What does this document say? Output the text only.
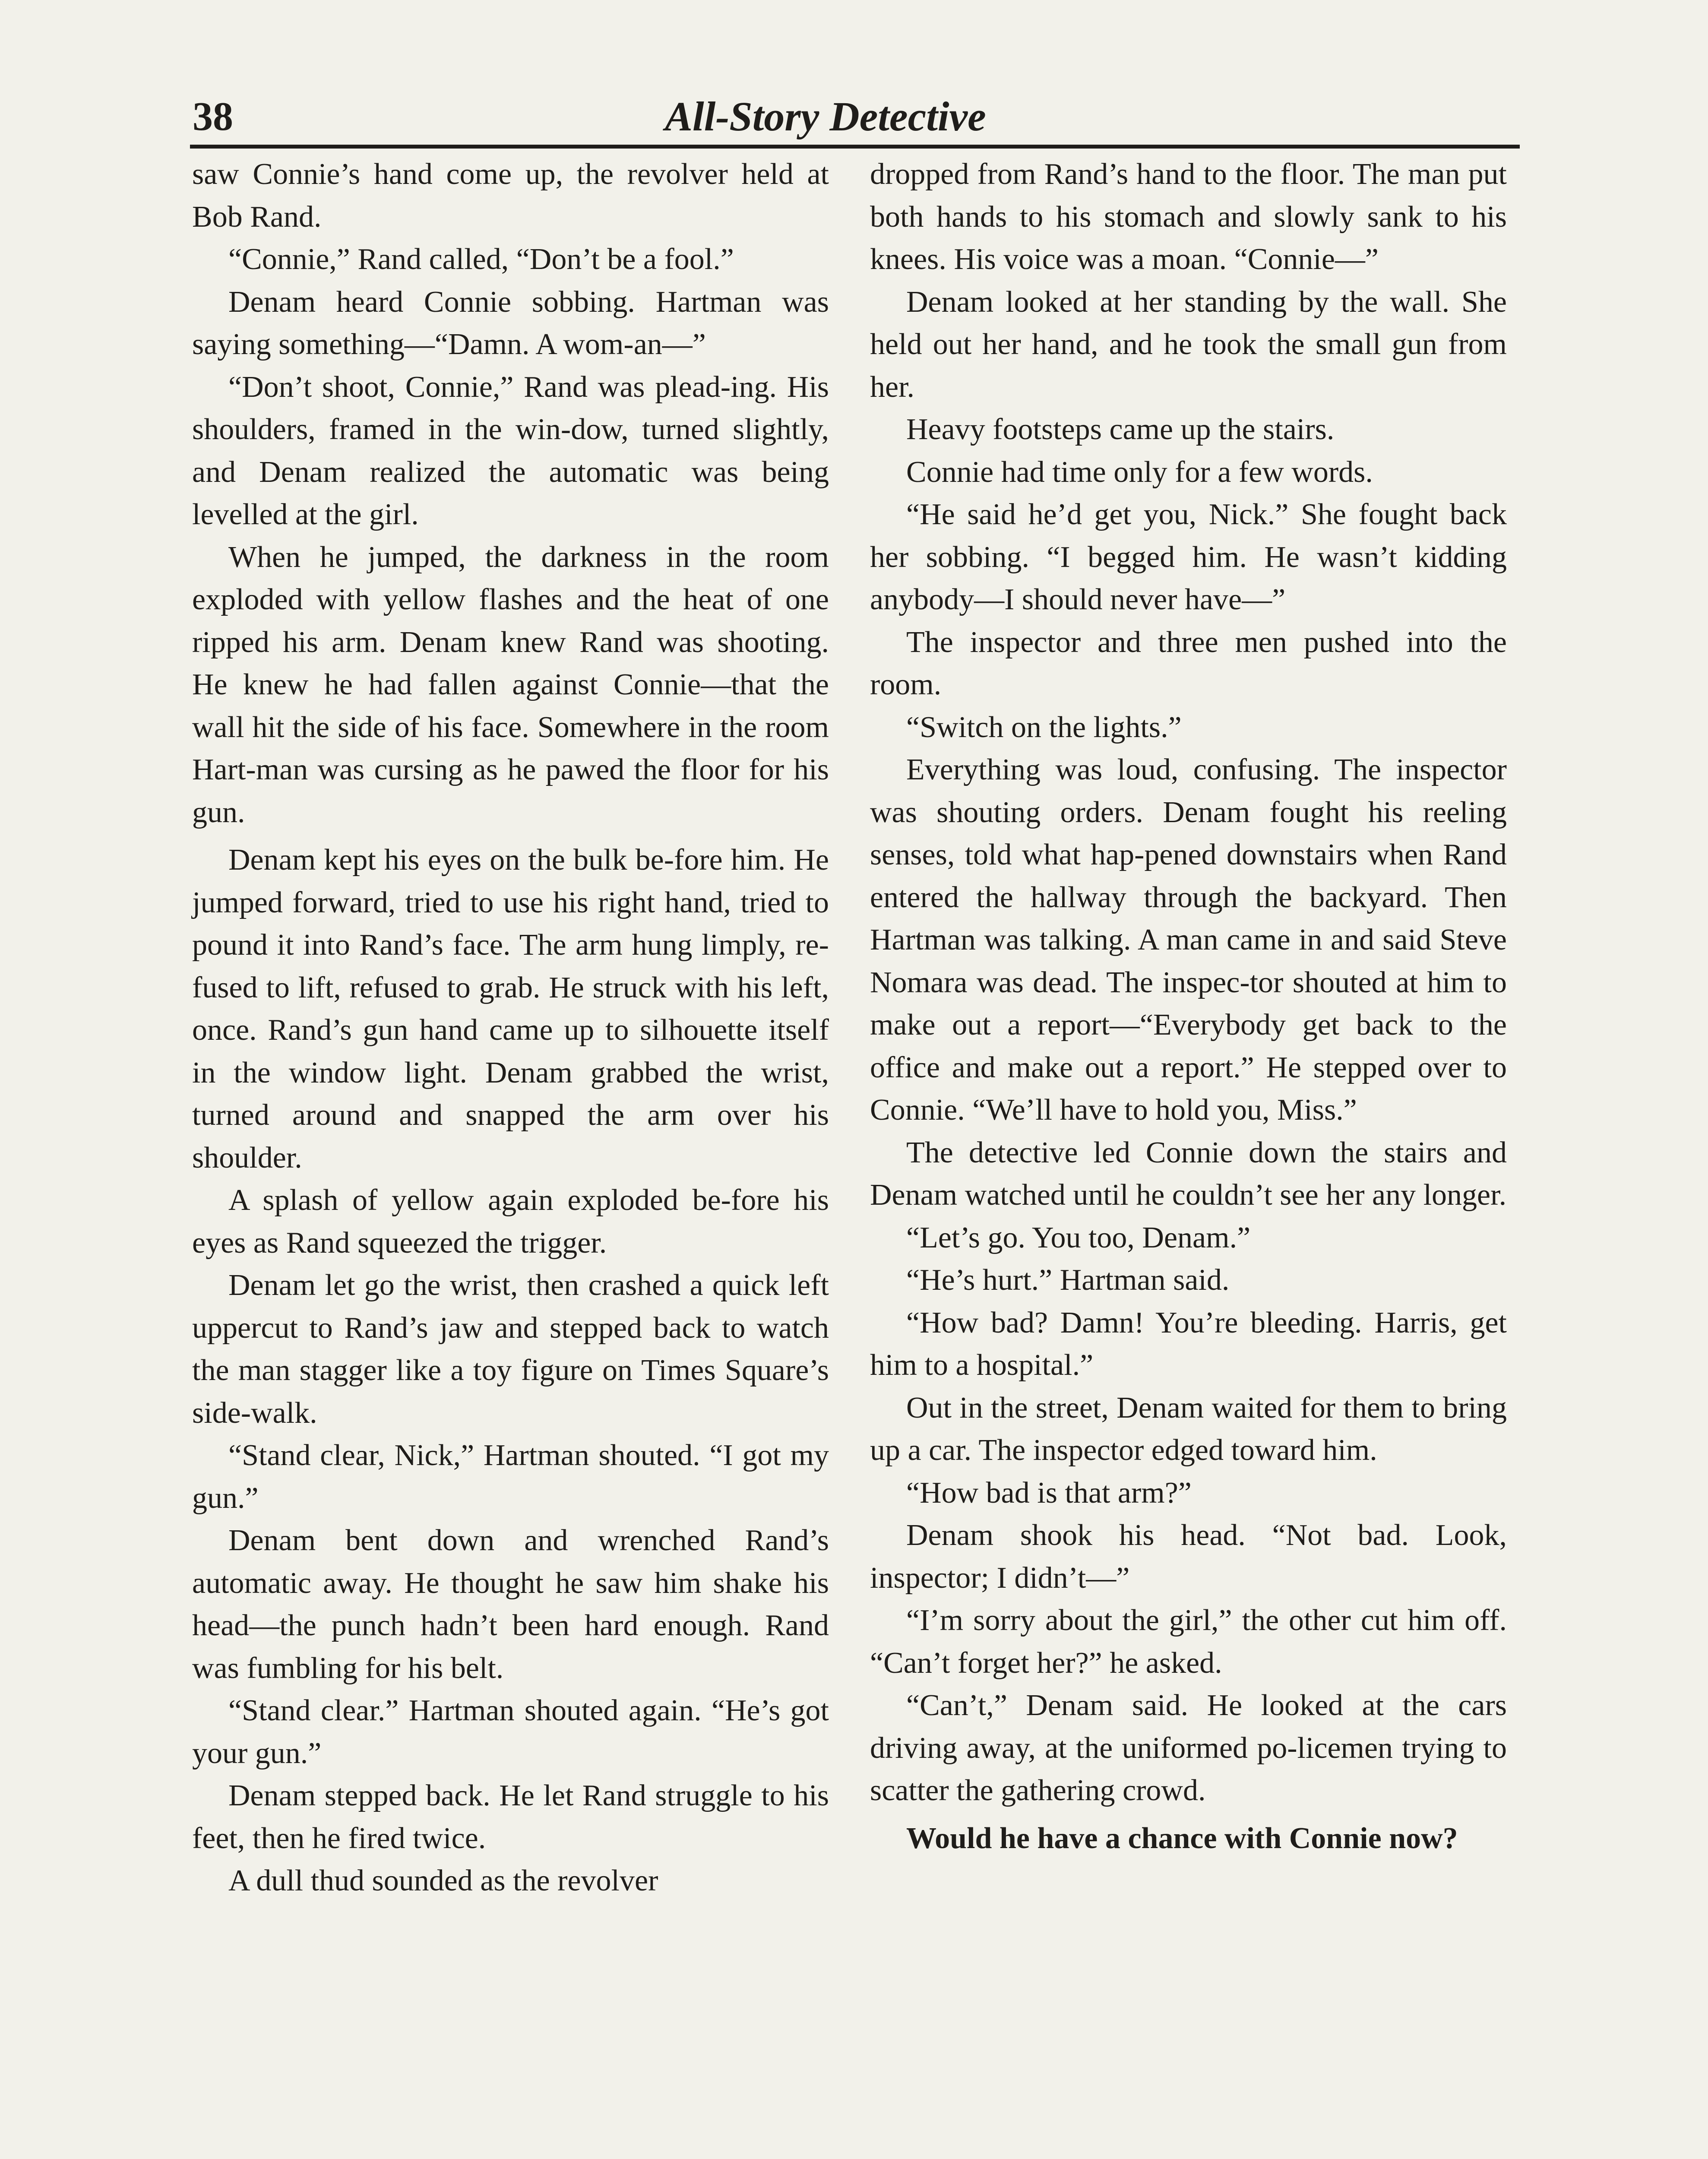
38	All-Story Detective

saw Connie’s hand come up, the revolver held at Bob Rand.

“Connie,” Rand called, “Don’t be a fool.”

Denam heard Connie sobbing. Hartman was saying something—“Damn. A wom-an—”

“Don’t shoot, Connie,” Rand was plead-ing. His shoulders, framed in the win-dow, turned slightly, and Denam realized the automatic was being levelled at the girl.

When he jumped, the darkness in the room exploded with yellow flashes and the heat of one ripped his arm. Denam knew Rand was shooting. He knew he had fallen against Connie—that the wall hit the side of his face. Somewhere in the room Hart-man was cursing as he pawed the floor for his gun.

Denam kept his eyes on the bulk be-fore him. He jumped forward, tried to use his right hand, tried to pound it into Rand’s face. The arm hung limply, re-fused to lift, refused to grab. He struck with his left, once. Rand’s gun hand came up to silhouette itself in the window light. Denam grabbed the wrist, turned around and snapped the arm over his shoulder.

A splash of yellow again exploded be-fore his eyes as Rand squeezed the trigger.

Denam let go the wrist, then crashed a quick left uppercut to Rand’s jaw and stepped back to watch the man stagger like a toy figure on Times Square’s side-walk.

“Stand clear, Nick,” Hartman shouted. “I got my gun.”

Denam bent down and wrenched Rand’s automatic away. He thought he saw him shake his head—the punch hadn’t been hard enough. Rand was fumbling for his belt.

“Stand clear.” Hartman shouted again. “He’s got your gun.”

Denam stepped back. He let Rand struggle to his feet, then he fired twice.

A dull thud sounded as the revolver

dropped from Rand’s hand to the floor. The man put both hands to his stomach and slowly sank to his knees. His voice was a moan. “Connie—”

Denam looked at her standing by the wall. She held out her hand, and he took the small gun from her.

Heavy footsteps came up the stairs.

Connie had time only for a few words.

“He said he’d get you, Nick.” She fought back her sobbing. “I begged him. He wasn’t kidding anybody—I should never have—”

The inspector and three men pushed into the room.

“Switch on the lights.”

Everything was loud, confusing. The inspector was shouting orders. Denam fought his reeling senses, told what hap-pened downstairs when Rand entered the hallway through the backyard. Then Hartman was talking. A man came in and said Steve Nomara was dead. The inspec-tor shouted at him to make out a report—“Everybody get back to the office and make out a report.” He stepped over to Connie. “We’ll have to hold you, Miss.”

The detective led Connie down the stairs and Denam watched until he couldn’t see her any longer.

“Let’s go. You too, Denam.”

“He’s hurt.” Hartman said.

“How bad? Damn! You’re bleeding. Harris, get him to a hospital.”

Out in the street, Denam waited for them to bring up a car. The inspector edged toward him.

“How bad is that arm?”

Denam shook his head. “Not bad. Look, inspector; I didn’t—”

“I’m sorry about the girl,” the other cut him off. “Can’t forget her?” he asked.

“Can’t,” Denam said. He looked at the cars driving away, at the uniformed po-licemen trying to scatter the gathering crowd.

Would he have a chance with Connie now?
